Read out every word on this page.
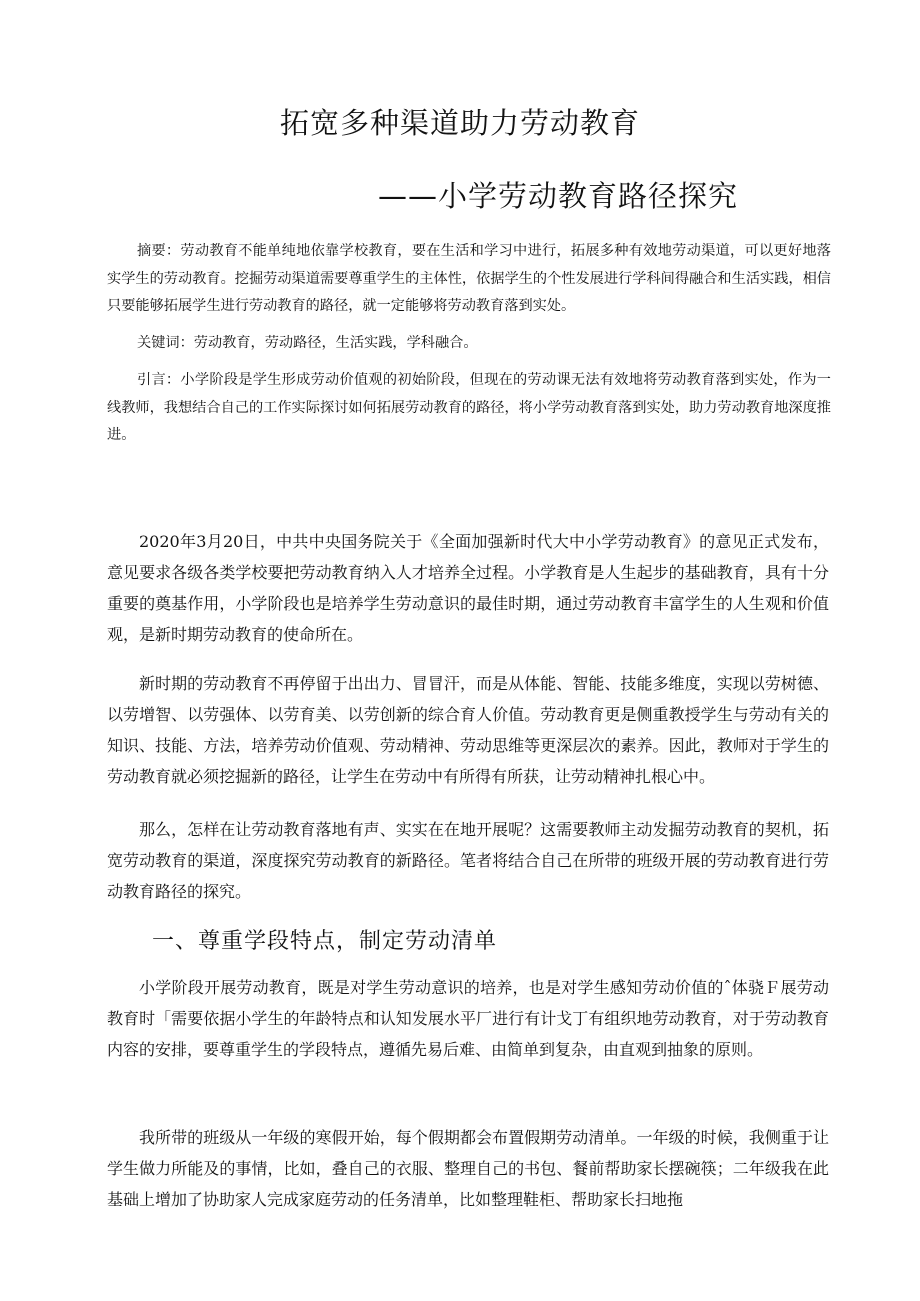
拓宽多种渠道助力劳动教育
——小学劳动教育路径探究

摘要：劳动教育不能单纯地依靠学校教育，要在生活和学习中进行，拓展多种有效地劳动渠道，可以更好地落实学生的劳动教育。挖掘劳动渠道需要尊重学生的主体性，依据学生的个性发展进行学科间得融合和生活实践，相信只要能够拓展学生进行劳动教育的路径，就一定能够将劳动教育落到实处。

关键词：劳动教育，劳动路径，生活实践，学科融合。

引言：小学阶段是学生形成劳动价值观的初始阶段，但现在的劳动课无法有效地将劳动教育落到实处，作为一线教师，我想结合自己的工作实际探讨如何拓展劳动教育的路径，将小学劳动教育落到实处，助力劳动教育地深度推进。

2020年3月20日，中共中央国务院关于《全面加强新时代大中小学劳动教育》的意见正式发布，意见要求各级各类学校要把劳动教育纳入人才培养全过程。小学教育是人生起步的基础教育，具有十分重要的奠基作用，小学阶段也是培养学生劳动意识的最佳时期，通过劳动教育丰富学生的人生观和价值观，是新时期劳动教育的使命所在。

新时期的劳动教育不再停留于出出力、冒冒汗，而是从体能、智能、技能多维度，实现以劳树德、以劳增智、以劳强体、以劳育美、以劳创新的综合育人价值。劳动教育更是侧重教授学生与劳动有关的知识、技能、方法，培养劳动价值观、劳动精神、劳动思维等更深层次的素养。因此，教师对于学生的劳动教育就必须挖掘新的路径，让学生在劳动中有所得有所获，让劳动精神扎根心中。

那么，怎样在让劳动教育落地有声、实实在在地开展呢？这需要教师主动发掘劳动教育的契机，拓宽劳动教育的渠道，深度探究劳动教育的新路径。笔者将结合自己在所带的班级开展的劳动教育进行劳动教育路径的探究。

一、尊重学段特点，制定劳动清单

小学阶段开展劳动教育，既是对学生劳动意识的培养，也是对学生感知劳动价值的ˆ体骁Ｆ展劳动教育时「需要依据小学生的年龄特点和认知发展水平厂进行有计戈丁有组织地劳动教育，对于劳动教育内容的安排，要尊重学生的学段特点，遵循先易后难、由简单到复杂，由直观到抽象的原则。

我所带的班级从一年级的寒假开始，每个假期都会布置假期劳动清单。一年级的时候，我侧重于让学生做力所能及的事情，比如，叠自己的衣服、整理自己的书包、餐前帮助家长摆碗筷；二年级我在此基础上增加了协助家人完成家庭劳动的任务清单，比如整理鞋柜、帮助家长扫地拖
